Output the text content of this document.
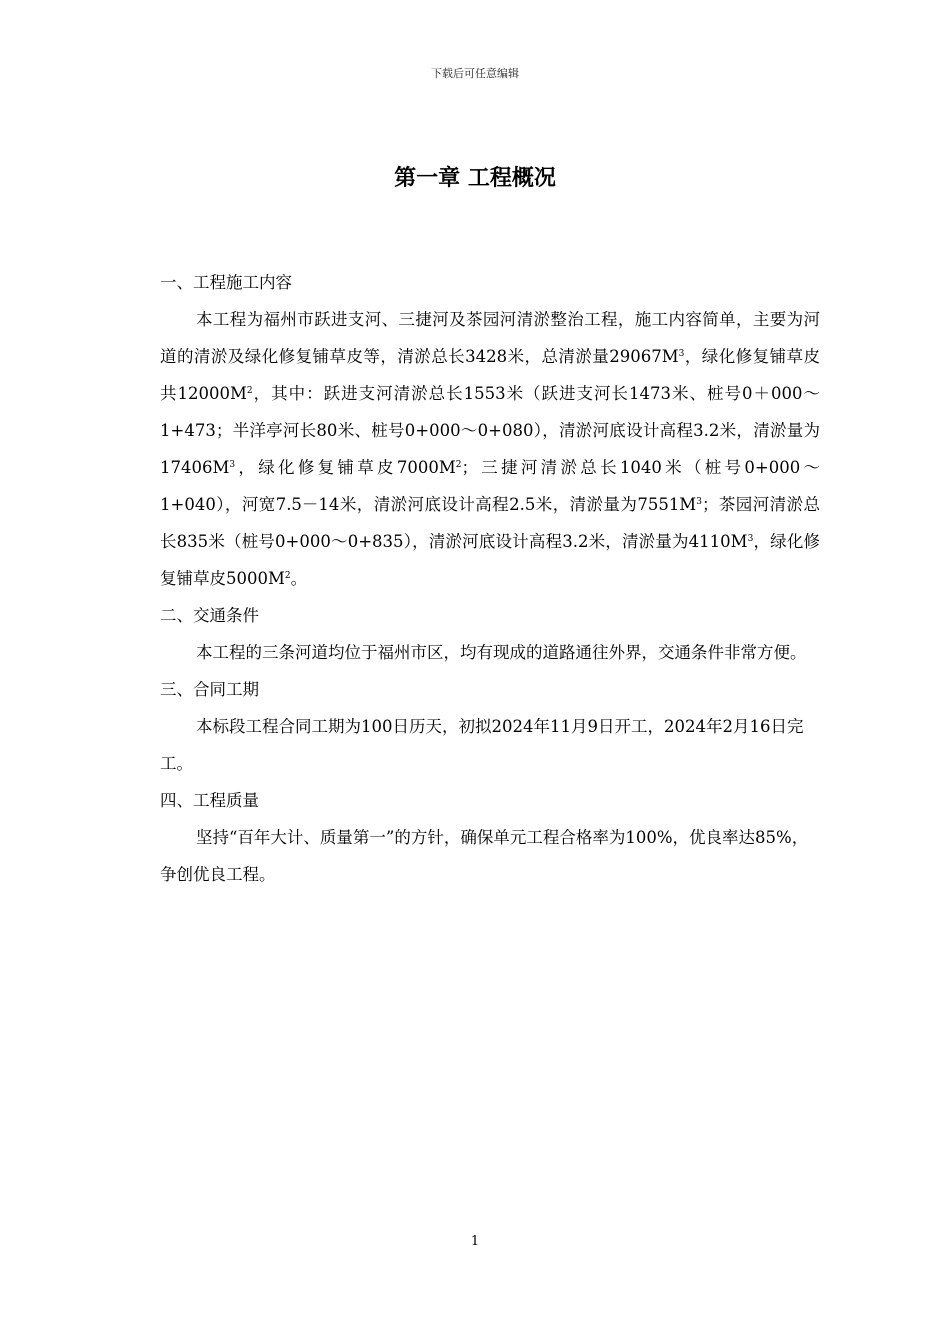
下载后可任意编辑
第一章 工程概况

一、工程施工内容

本工程为福州市跃进支河、三捷河及茶园河清淤整治工程，施工内容简单，主要为河道的清淤及绿化修复铺草皮等，清淤总长3428米，总清淤量$29067M^3$，绿化修复铺草皮共$12000M^2$，其中：跃进支河清淤总长1553米（跃进支河长1473米、桩号0＋000～1+473；半洋亭河长80米、桩号0+000～0+080），清淤河底设计高程3.2米，清淤量为$17406M^3$，绿化修复铺草皮$7000M^2$；三捷河清淤总长1040米（桩号0+000～1+040），河宽7.5－14米，清淤河底设计高程2.5米，清淤量为$7551M^3$；茶园河清淤总长835米（桩号0+000～0+835），清淤河底设计高程3.2米，清淤量为$4110M^3$，绿化修复铺草皮$5000M^2$。

二、交通条件

本工程的三条河道均位于福州市区，均有现成的道路通往外界，交通条件非常方便。

三、合同工期

本标段工程合同工期为100日历天，初拟2024年11月9日开工，2024年2月16日完工。

四、工程质量

坚持“百年大计、质量第一”的方针，确保单元工程合格率为100%，优良率达85%，争创优良工程。

1
